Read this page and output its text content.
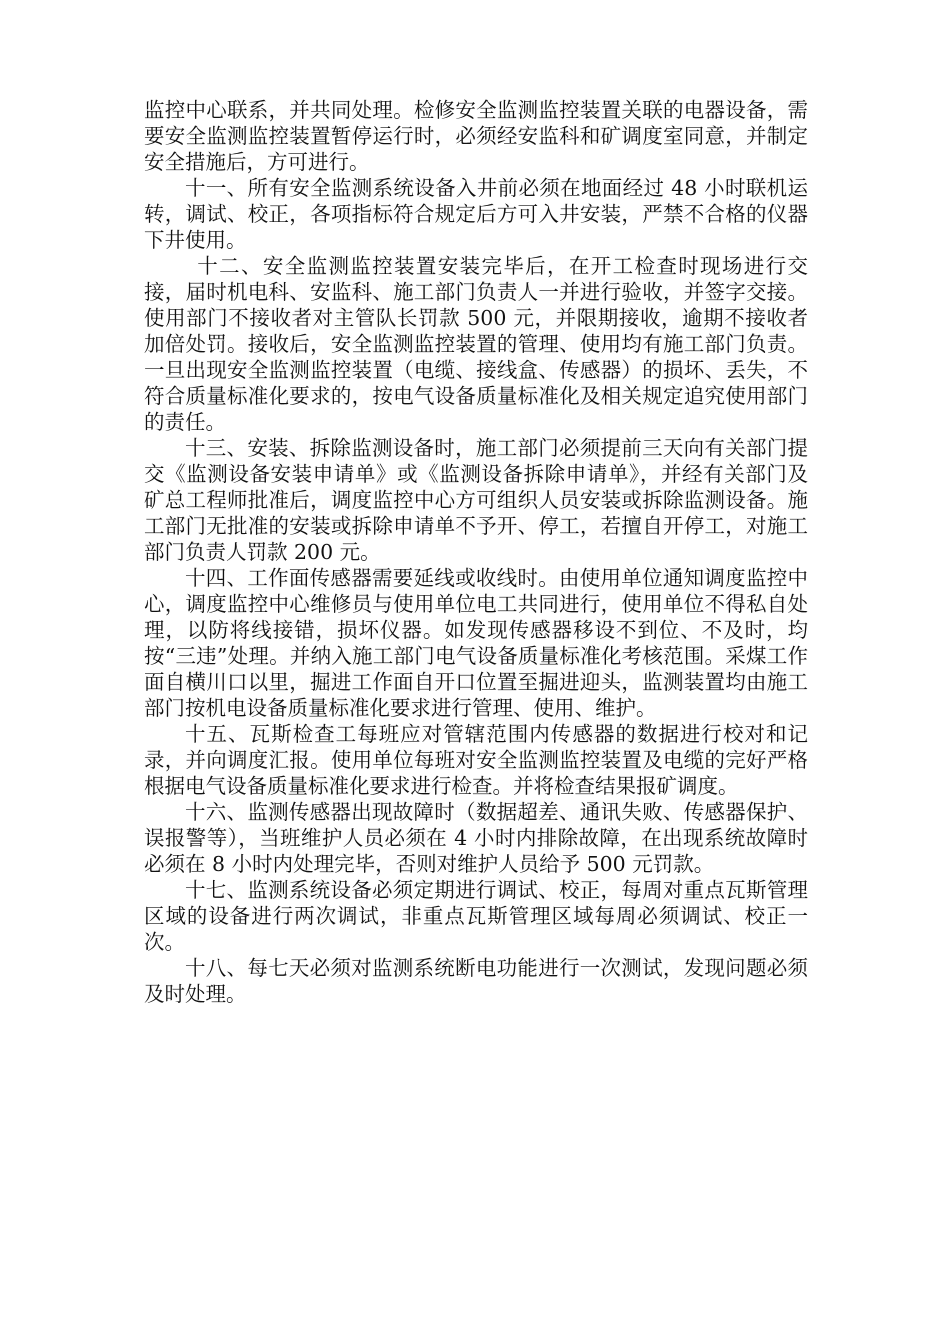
监控中心联系，并共同处理。检修安全监测监控装置关联的电器设备，需要安全监测监控装置暂停运行时，必须经安监科和矿调度室同意，并制定安全措施后，方可进行。

十一、所有安全监测系统设备入井前必须在地面经过 48 小时联机运转，调试、校正，各项指标符合规定后方可入井安装，严禁不合格的仪器下井使用。

十二、安全监测监控装置安装完毕后，在开工检查时现场进行交接，届时机电科、安监科、施工部门负责人一并进行验收，并签字交接。使用部门不接收者对主管队长罚款 500 元，并限期接收，逾期不接收者加倍处罚。接收后，安全监测监控装置的管理、使用均有施工部门负责。一旦出现安全监测监控装置（电缆、接线盒、传感器）的损坏、丢失，不符合质量标准化要求的，按电气设备质量标准化及相关规定追究使用部门的责任。

十三、安装、拆除监测设备时，施工部门必须提前三天向有关部门提交《监测设备安装申请单》或《监测设备拆除申请单》，并经有关部门及矿总工程师批准后，调度监控中心方可组织人员安装或拆除监测设备。施工部门无批准的安装或拆除申请单不予开、停工，若擅自开停工，对施工部门负责人罚款 200 元。

十四、工作面传感器需要延线或收线时。由使用单位通知调度监控中心，调度监控中心维修员与使用单位电工共同进行，使用单位不得私自处理，以防将线接错，损坏仪器。如发现传感器移设不到位、不及时，均按“三违”处理。并纳入施工部门电气设备质量标准化考核范围。采煤工作面自横川口以里，掘进工作面自开口位置至掘进迎头，监测装置均由施工部门按机电设备质量标准化要求进行管理、使用、维护。

十五、瓦斯检查工每班应对管辖范围内传感器的数据进行校对和记录，并向调度汇报。使用单位每班对安全监测监控装置及电缆的完好严格根据电气设备质量标准化要求进行检查。并将检查结果报矿调度。

十六、监测传感器出现故障时（数据超差、通讯失败、传感器保护、误报警等），当班维护人员必须在 4 小时内排除故障，在出现系统故障时必须在 8 小时内处理完毕，否则对维护人员给予 500 元罚款。

十七、监测系统设备必须定期进行调试、校正，每周对重点瓦斯管理区域的设备进行两次调试，非重点瓦斯管理区域每周必须调试、校正一次。

十八、每七天必须对监测系统断电功能进行一次测试，发现问题必须及时处理。
